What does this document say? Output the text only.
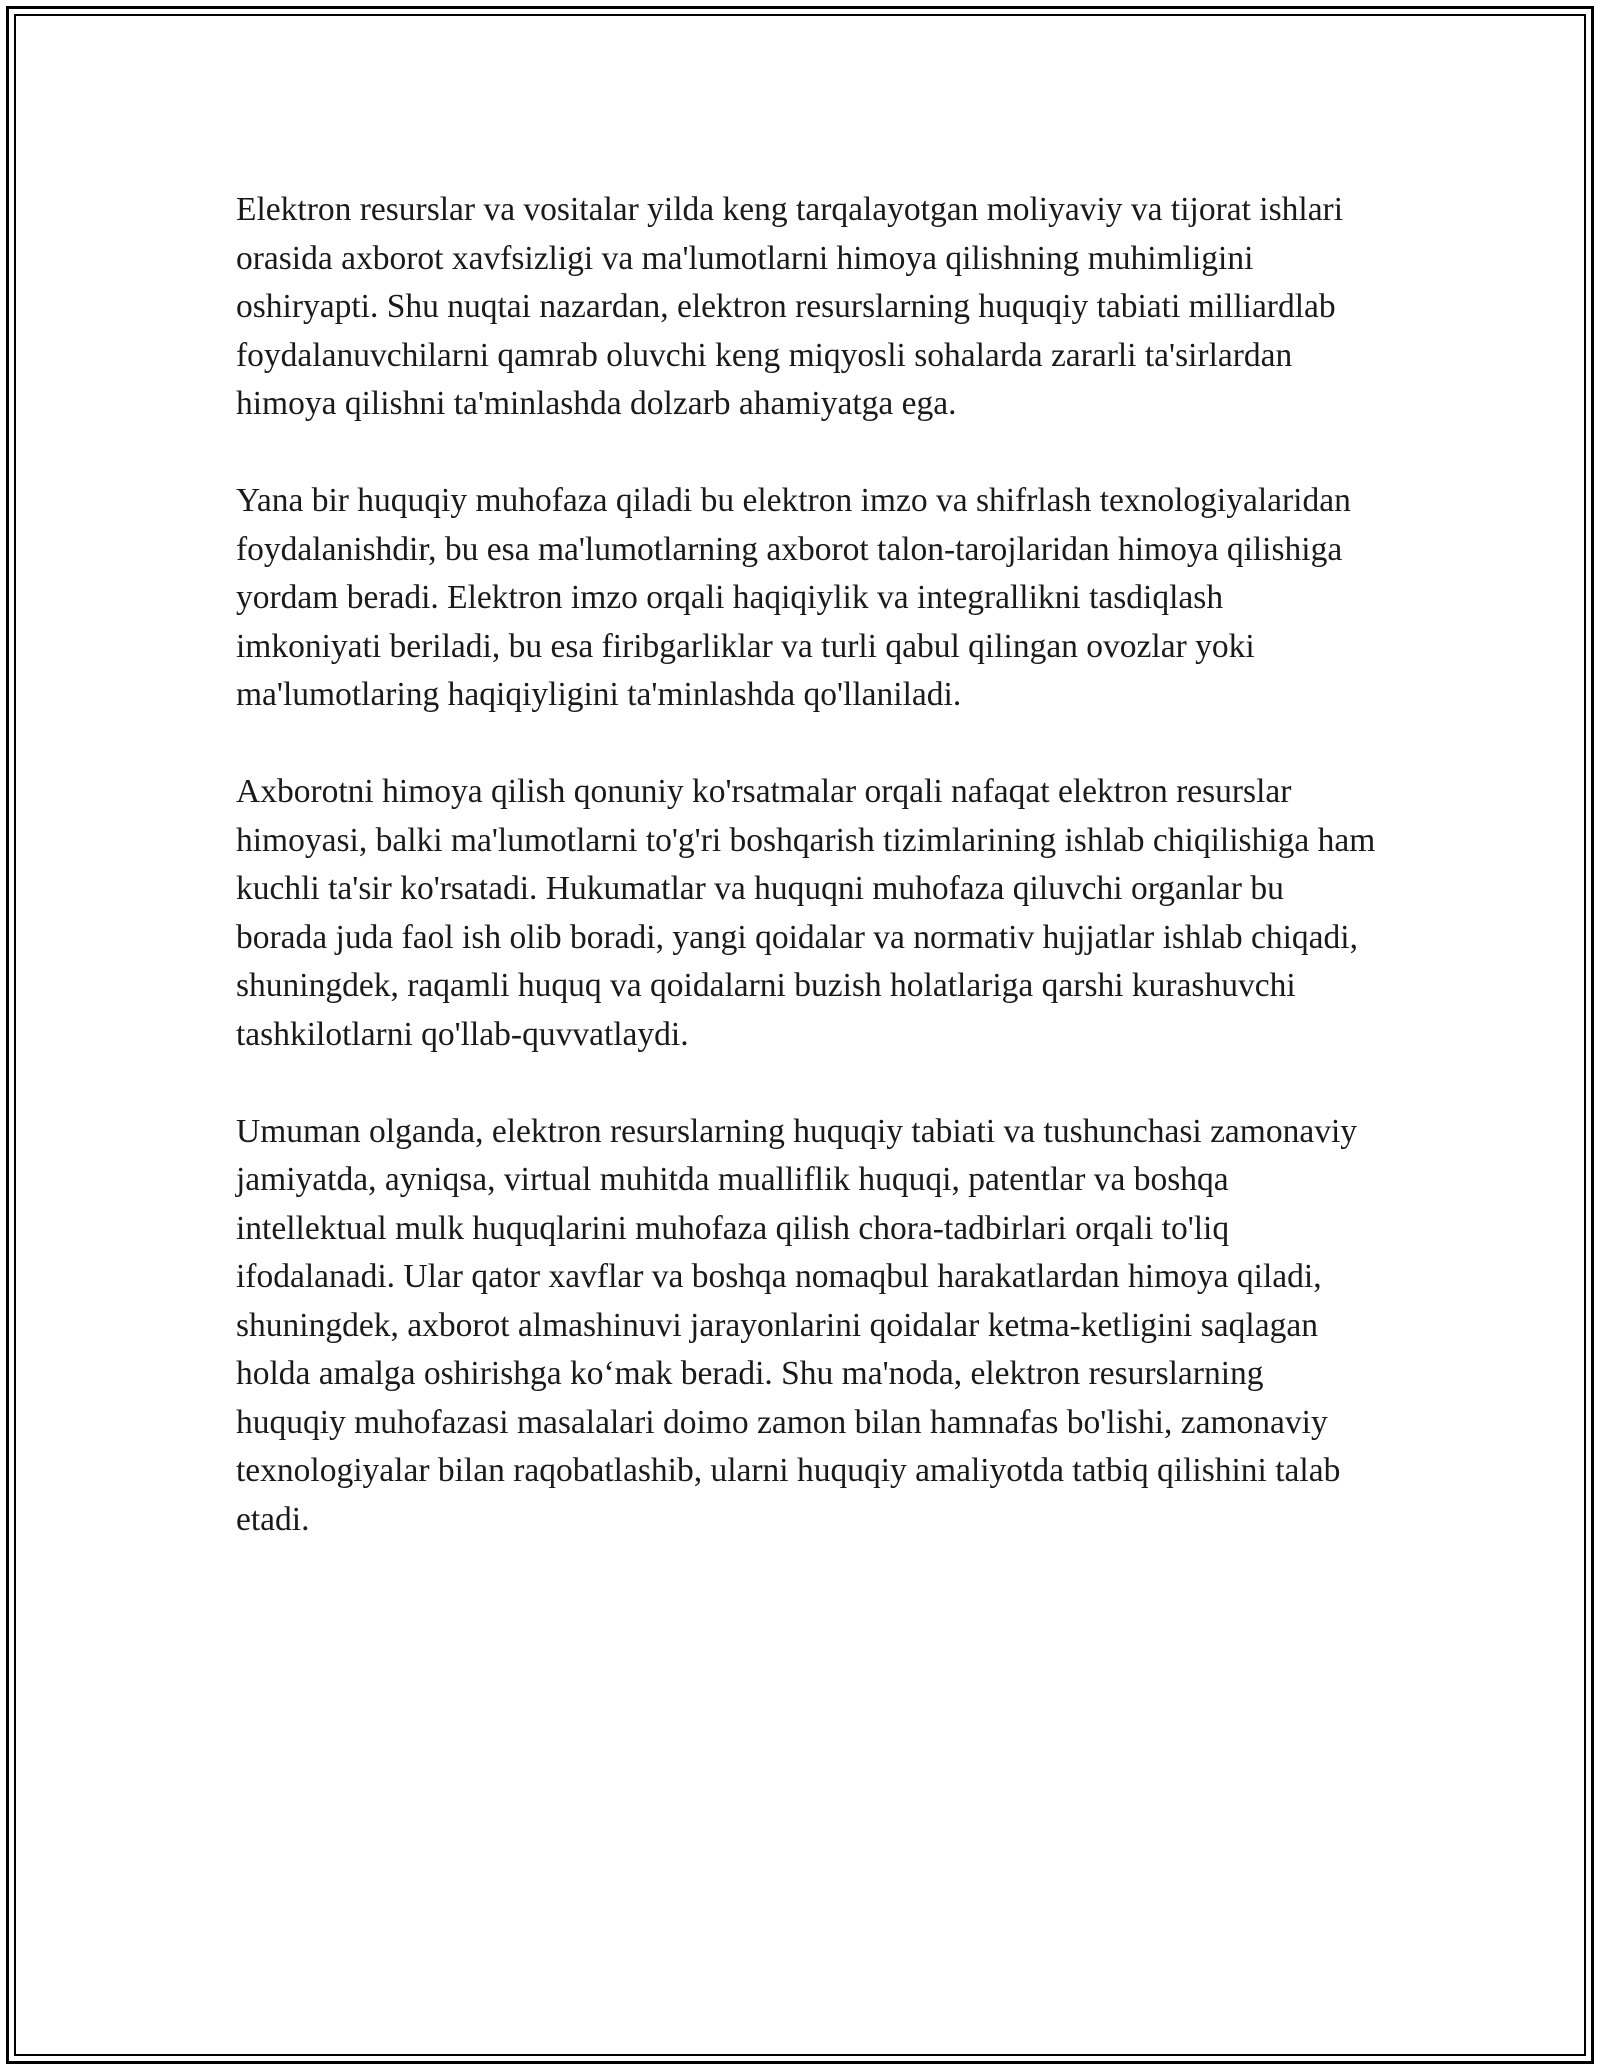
Elektron resurslar va vositalar yilda keng tarqalayotgan moliyaviy va tijorat ishlari orasida axborot xavfsizligi va ma'lumotlarni himoya qilishning muhimligini oshiryapti. Shu nuqtai nazardan, elektron resurslarning huquqiy tabiati milliardlab foydalanuvchilarni qamrab oluvchi keng miqyosli sohalarda zararli ta'sirlardan himoya qilishni ta'minlashda dolzarb ahamiyatga ega.

Yana bir huquqiy muhofaza qiladi bu elektron imzo va shifrlash texnologiyalaridan foydalanishdir, bu esa ma'lumotlarning axborot talon-tarojlaridan himoya qilishiga yordam beradi. Elektron imzo orqali haqiqiylik va integrallikni tasdiqlash imkoniyati beriladi, bu esa firibgarliklar va turli qabul qilingan ovozlar yoki ma'lumotlaring haqiqiyligini ta'minlashda qo'llaniladi.

Axborotni himoya qilish qonuniy ko'rsatmalar orqali nafaqat elektron resurslar himoyasi, balki ma'lumotlarni to'g'ri boshqarish tizimlarining ishlab chiqilishiga ham kuchli ta'sir ko'rsatadi. Hukumatlar va huquqni muhofaza qiluvchi organlar bu borada juda faol ish olib boradi, yangi qoidalar va normativ hujjatlar ishlab chiqadi, shuningdek, raqamli huquq va qoidalarni buzish holatlariga qarshi kurashuvchi tashkilotlarni qo'llab-quvvatlaydi.

Umuman olganda, elektron resurslarning huquqiy tabiati va tushunchasi zamonaviy jamiyatda, ayniqsa, virtual muhitda mualliflik huquqi, patentlar va boshqa intellektual mulk huquqlarini muhofaza qilish chora-tadbirlari orqali to'liq ifodalanadi. Ular qator xavflar va boshqa nomaqbul harakatlardan himoya qiladi, shuningdek, axborot almashinuvi jarayonlarini qoidalar ketma-ketligini saqlagan holda amalga oshirishga ko‘mak beradi. Shu ma'noda, elektron resurslarning huquqiy muhofazasi masalalari doimo zamon bilan hamnafas bo'lishi, zamonaviy texnologiyalar bilan raqobatlashib, ularni huquqiy amaliyotda tatbiq qilishini talab etadi.
